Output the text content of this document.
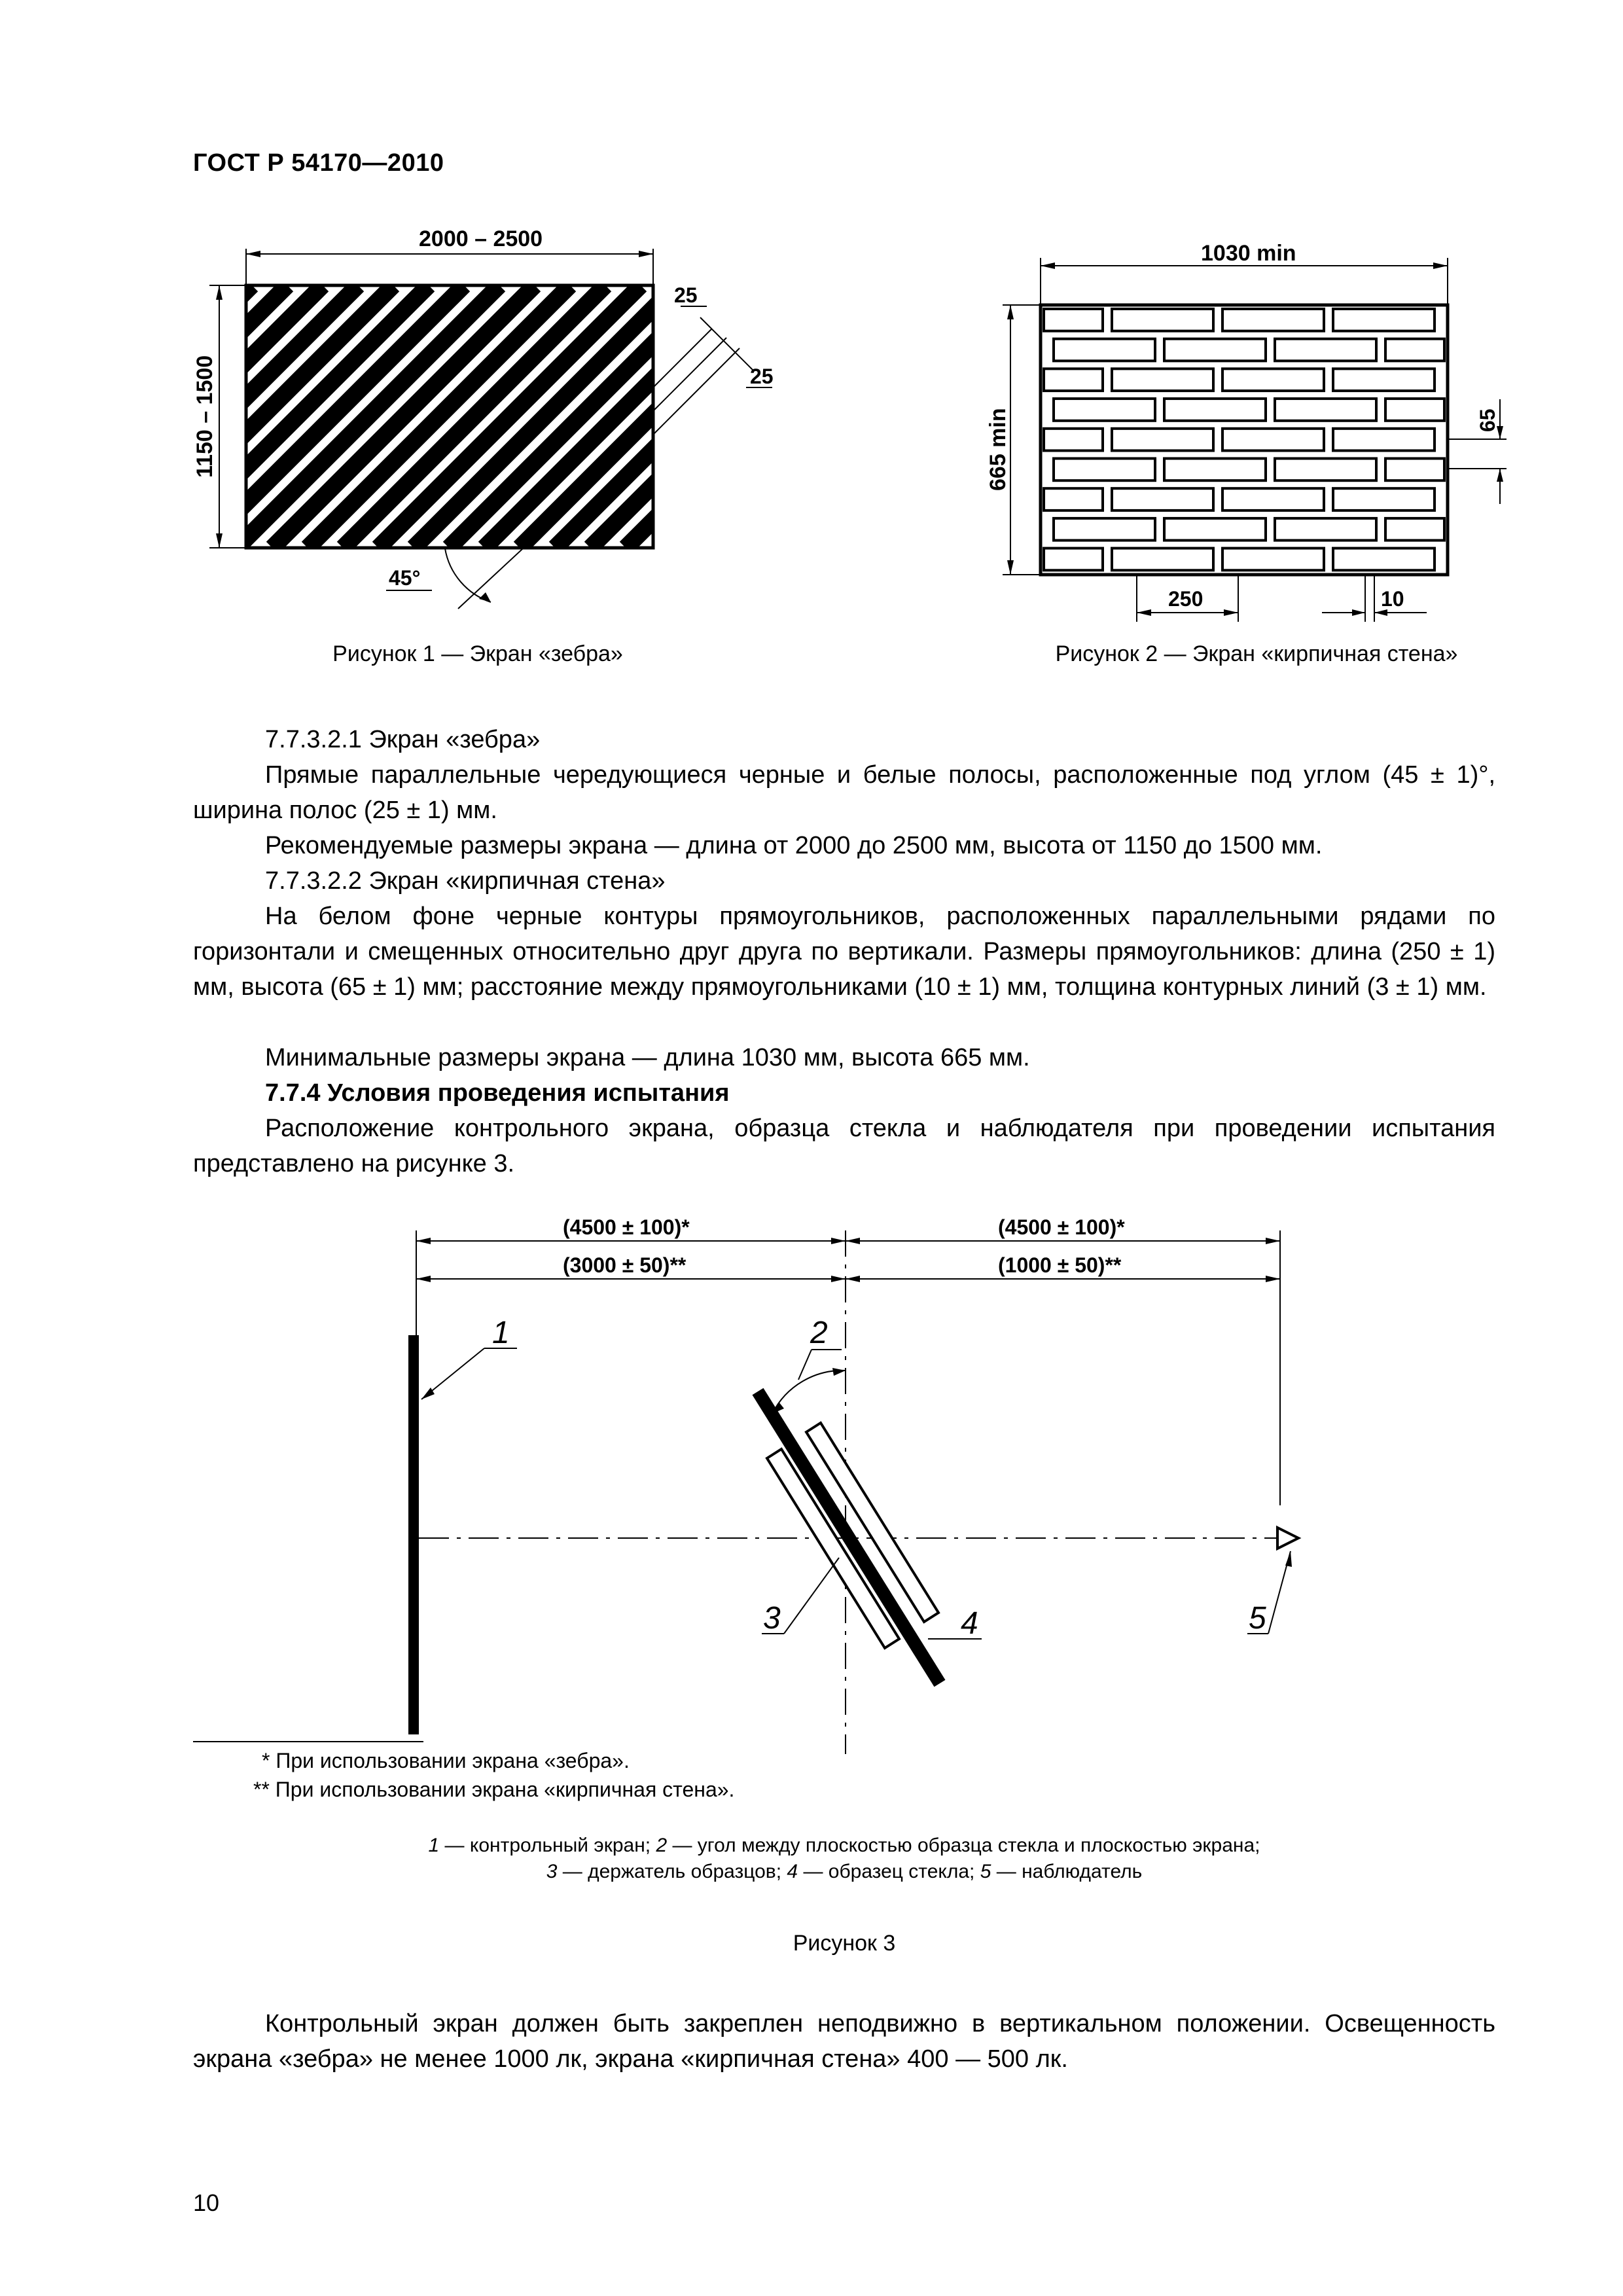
ГОСТ Р 54170—2010
2000 – 2500
1150 – 1500
25
25
45°
Рисунок 1 — Экран «зебра»
1030 min
665 min	65
250	10
Рисунок 2 — Экран «кирпичная стена»
7.7.3.2.1 Экран «зебра»
Прямые параллельные чередующиеся черные и белые полосы, расположенные под углом (45 ± 1)°, ширина полос (25 ± 1) мм.
Рекомендуемые размеры экрана — длина от 2000 до 2500 мм, высота от 1150 до 1500 мм.
7.7.3.2.2 Экран «кирпичная стена»
На белом фоне черные контуры прямоугольников, расположенных параллельными рядами по горизонтали и смещенных относительно друг друга по вертикали. Размеры прямоугольников: длина (250 ± 1) мм, высота (65 ± 1) мм; расстояние между прямоугольниками (10 ± 1) мм, толщина контурных линий (3 ± 1) мм.
Минимальные размеры экрана — длина 1030 мм, высота 665 мм.
7.7.4 Условия проведения испытания
Расположение контрольного экрана, образца стекла и наблюдателя при проведении испытания представлено на рисунке 3.
(4500 ± 100)*
(3000 ± 50)**
(4500 ± 100)*
(1000 ± 50)**
1	2
3	4	5
* При использовании экрана «зебра».
** При использовании экрана «кирпичная стена».
1 — контрольный экран; 2 — угол между плоскостью образца стекла и плоскостью экрана;
3 — держатель образцов; 4 — образец стекла; 5 — наблюдатель
Рисунок 3
Контрольный экран должен быть закреплен неподвижно в вертикальном положении. Освещенность экрана «зебра» не менее 1000 лк, экрана «кирпичная стена» 400 — 500 лк.
10
